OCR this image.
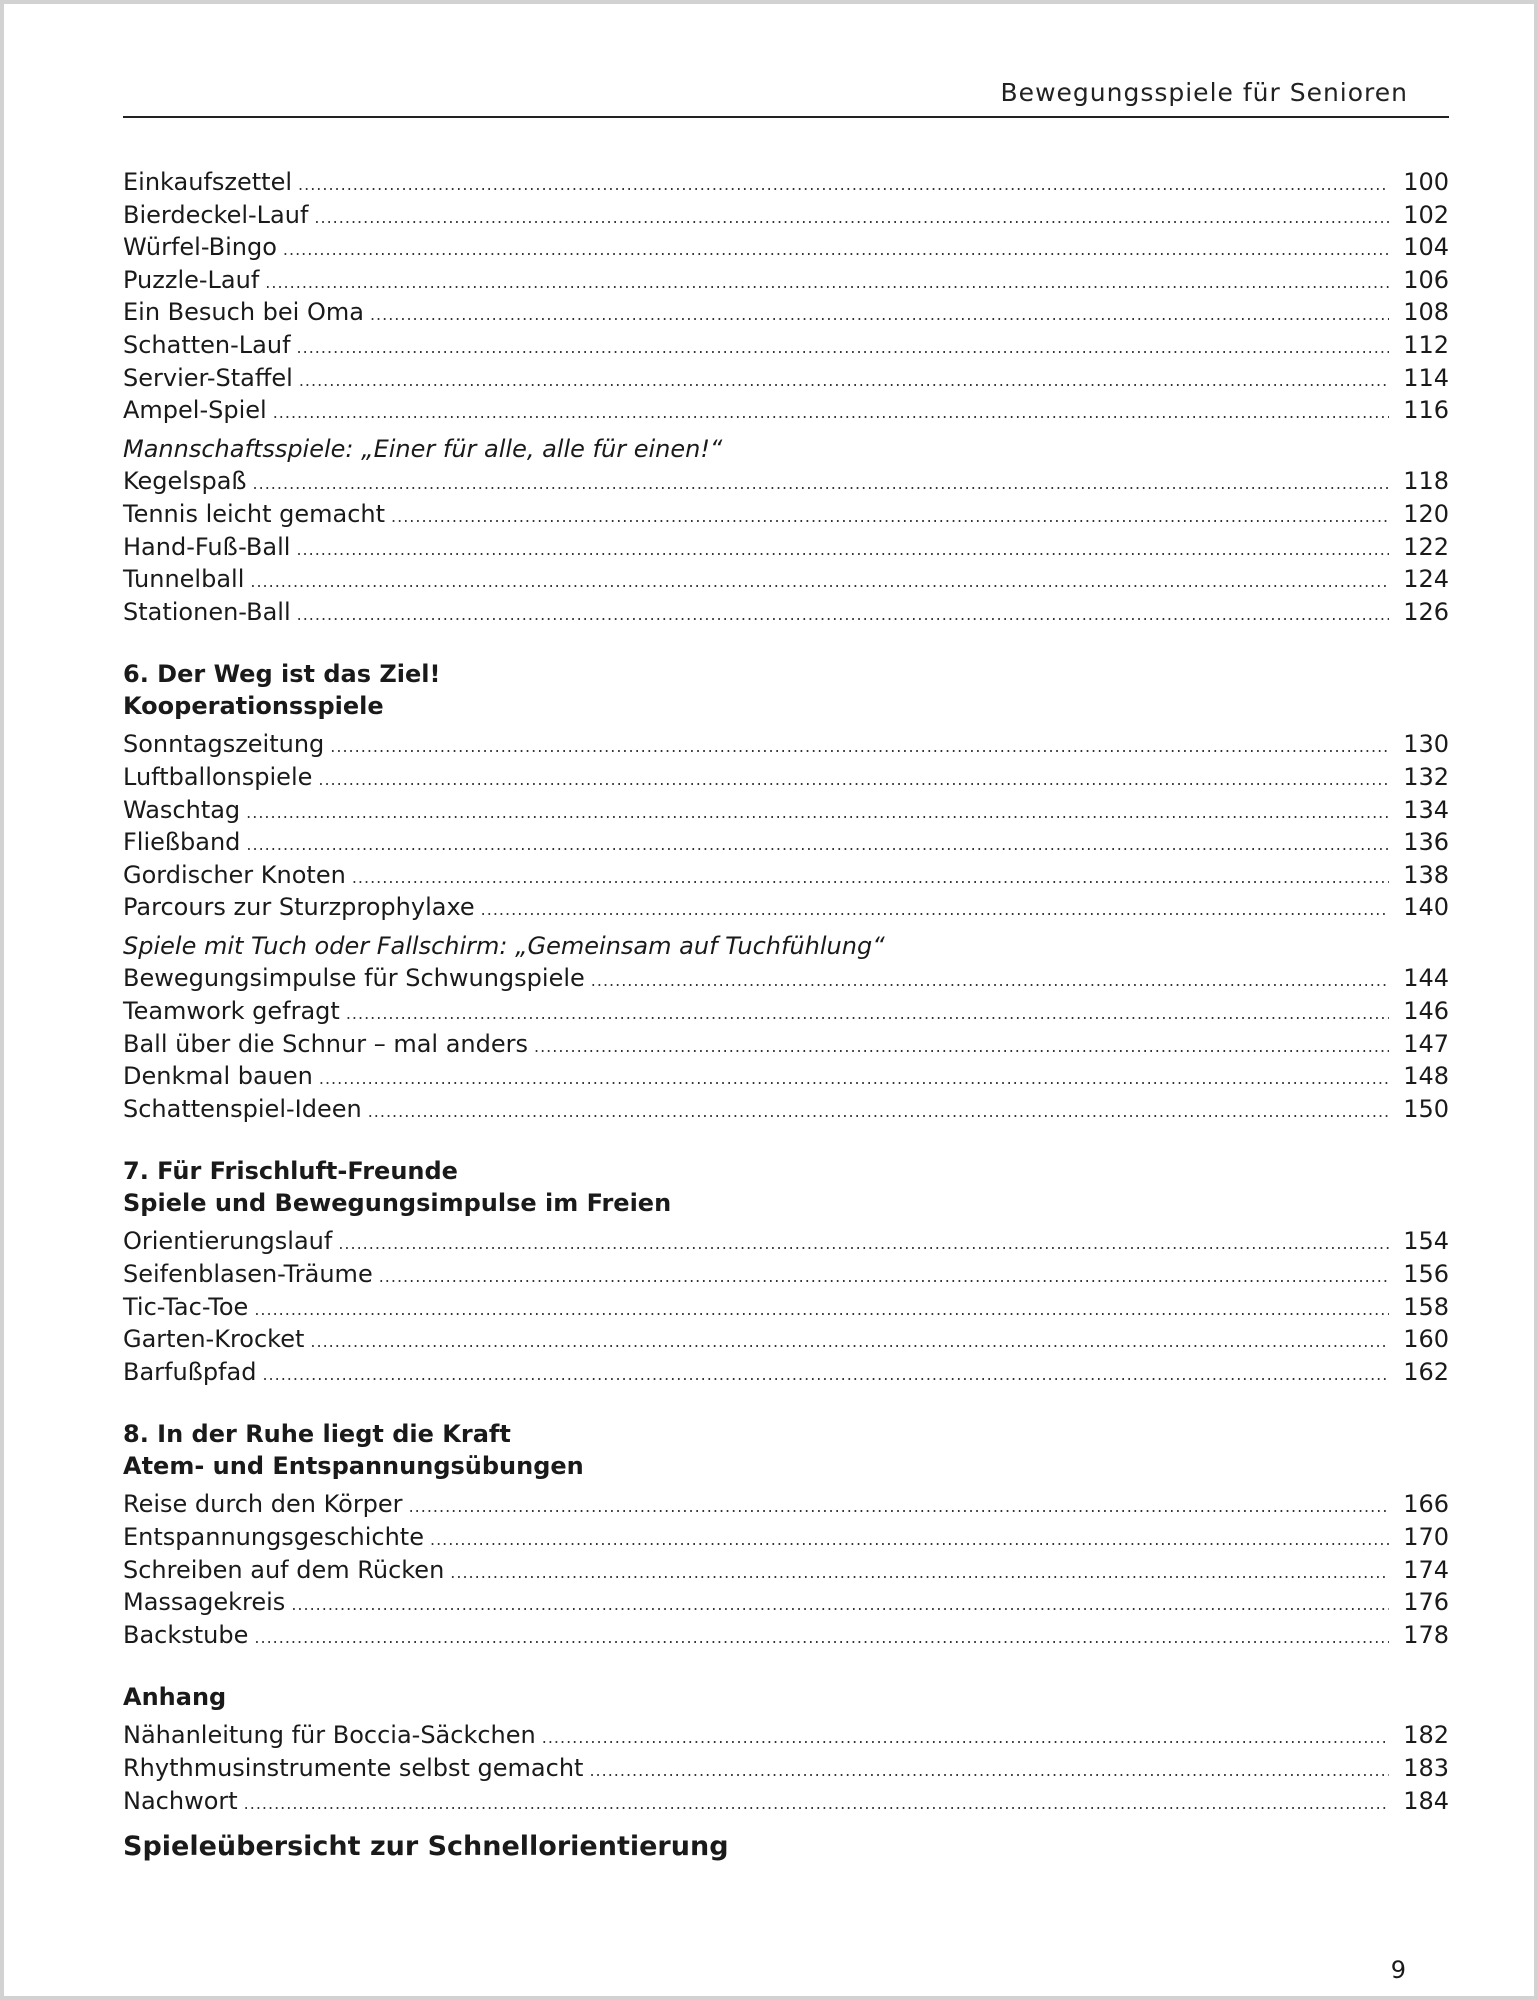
Bewegungsspiele für Senioren
Einkaufszettel .....	100
Bierdeckel-Lauf .....	102
Würfel-Bingo .....	104
Puzzle-Lauf .....	106
Ein Besuch bei Oma .....	108
Schatten-Lauf .....	112
Servier-Staffel .....	114
Ampel-Spiel .....	116
Mannschaftsspiele: „Einer für alle, alle für einen!“
Kegelspaß .....	118
Tennis leicht gemacht .....	120
Hand-Fuß-Ball .....	122
Tunnelball .....	124
Stationen-Ball .....	126
6. Der Weg ist das Ziel!
Kooperationsspiele
Sonntagszeitung .....	130
Luftballonspiele .....	132
Waschtag .....	134
Fließband .....	136
Gordischer Knoten .....	138
Parcours zur Sturzprophylaxe .....	140
Spiele mit Tuch oder Fallschirm: „Gemeinsam auf Tuchfühlung“
Bewegungsimpulse für Schwungspiele .....	144
Teamwork gefragt .....	146
Ball über die Schnur – mal anders .....	147
Denkmal bauen .....	148
Schattenspiel-Ideen .....	150
7. Für Frischluft-Freunde
Spiele und Bewegungsimpulse im Freien
Orientierungslauf .....	154
Seifenblasen-Träume .....	156
Tic-Tac-Toe .....	158
Garten-Krocket .....	160
Barfußpfad .....	162
8. In der Ruhe liegt die Kraft
Atem- und Entspannungsübungen
Reise durch den Körper .....	166
Entspannungsgeschichte .....	170
Schreiben auf dem Rücken .....	174
Massagekreis .....	176
Backstube .....	178
Anhang
Nähanleitung für Boccia-Säckchen .....	182
Rhythmusinstrumente selbst gemacht .....	183
Nachwort .....	184
Spieleübersicht zur Schnellorientierung
9
